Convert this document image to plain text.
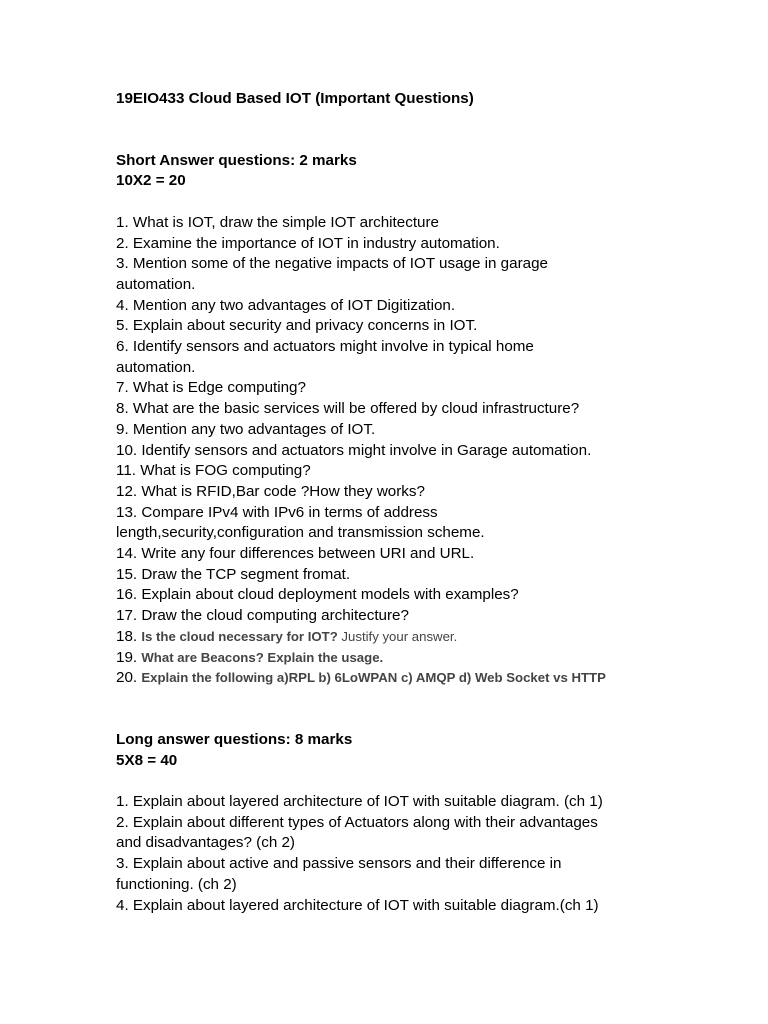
19EIO433 Cloud Based IOT (Important Questions)
Short Answer questions: 2 marks
10X2 = 20
1. What is IOT, draw the simple IOT architecture
2. Examine the importance of IOT in industry automation.
3. Mention some of the negative impacts of IOT usage in garage
automation.
4. Mention any two advantages of IOT Digitization.
5. Explain about security and privacy concerns in IOT.
6. Identify sensors and actuators might involve in typical home
automation.
7. What is Edge computing?
8. What are the basic services will be offered by cloud infrastructure?
9. Mention any two advantages of IOT.
10. Identify sensors and actuators might involve in Garage automation.
11. What is FOG computing?
12. What is RFID,Bar code ?How they works?
13. Compare IPv4 with IPv6 in terms of address
length,security,configuration and transmission scheme.
14. Write any four differences between URI and URL.
15. Draw the TCP segment fromat.
16. Explain about cloud deployment models with examples?
17. Draw the cloud computing architecture?
18. Is the cloud necessary for IOT? Justify your answer.
19. What are Beacons? Explain the usage.
20. Explain the following a)RPL b) 6LoWPAN c) AMQP d) Web Socket vs HTTP
Long answer questions: 8 marks
5X8 = 40
1. Explain about layered architecture of IOT with suitable diagram. (ch 1)
2. Explain about different types of Actuators along with their advantages
and disadvantages? (ch 2)
3. Explain about active and passive sensors and their difference in
functioning. (ch 2)
4. Explain about layered architecture of IOT with suitable diagram.(ch 1)
